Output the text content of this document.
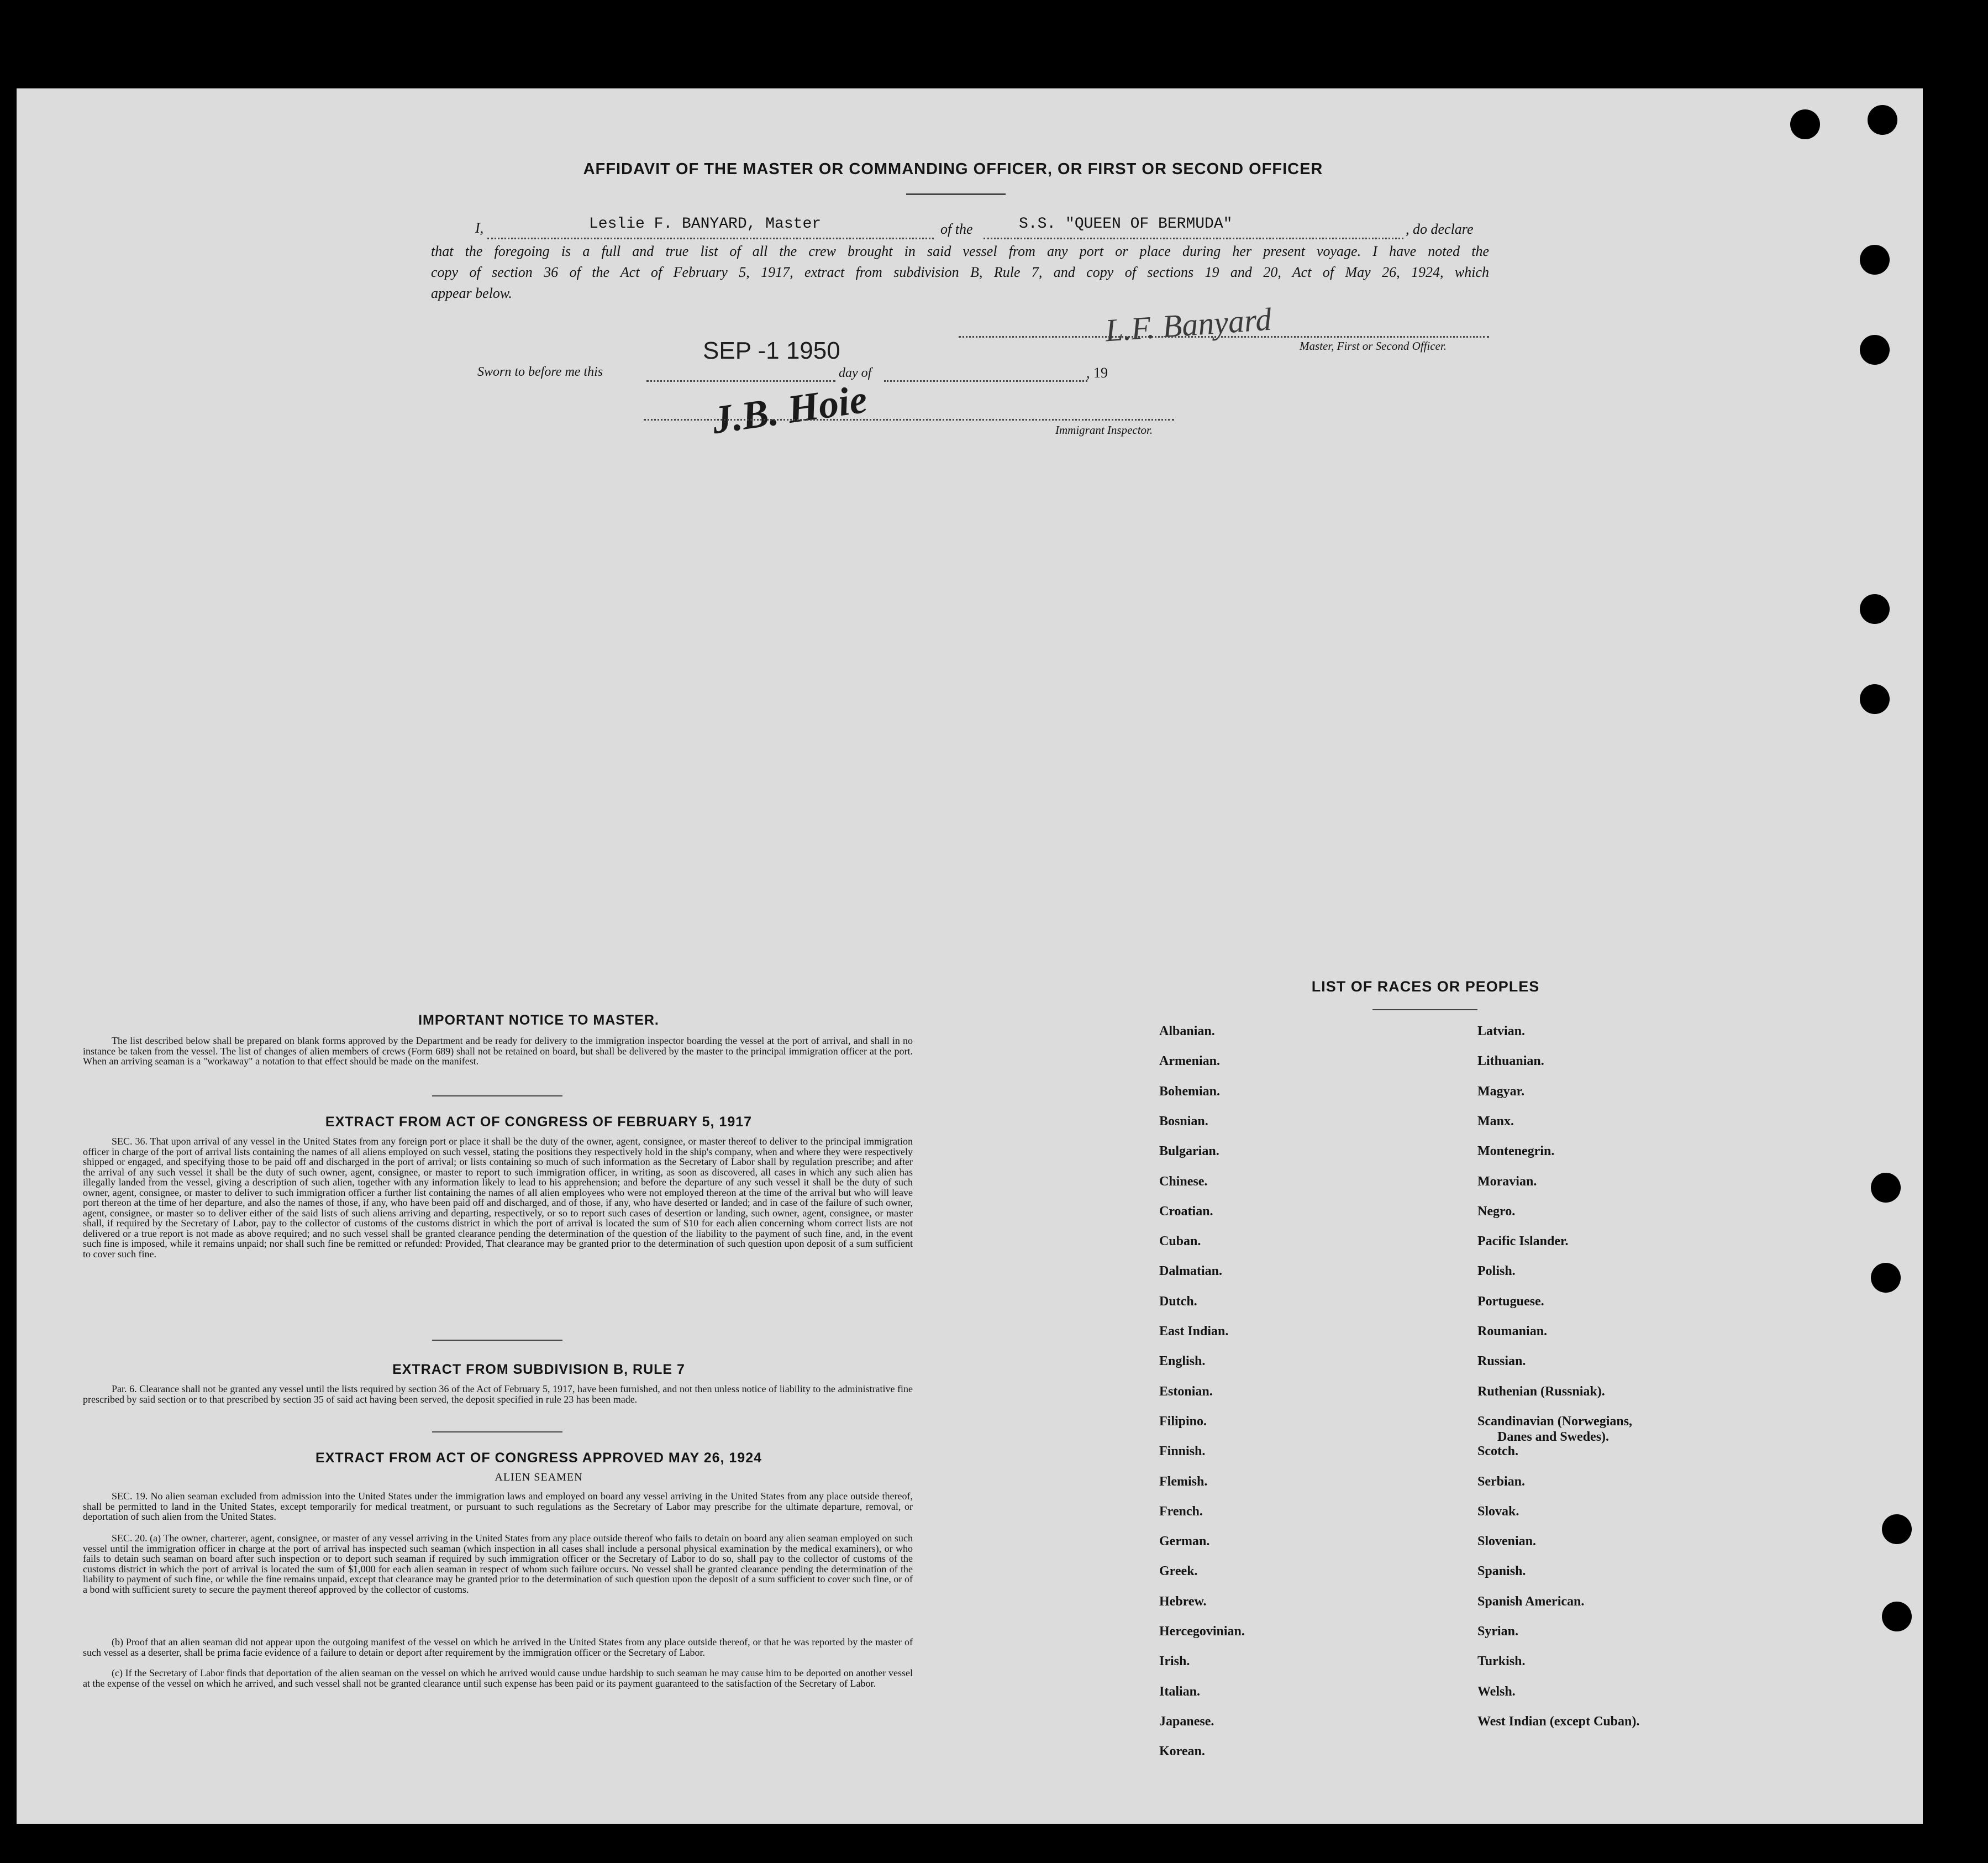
AFFIDAVIT OF THE MASTER OR COMMANDING OFFICER, OR FIRST OR SECOND OFFICER
I,	Leslie F. BANYARD, Master	of the	S.S. "QUEEN OF BERMUDA"	, do declare
that the foregoing is a full and true list of all the crew brought in said vessel from any port or place during her present voyage. I have noted the
copy of section 36 of the Act of February 5, 1917, extract from subdivision B, Rule 7, and copy of sections 19 and 20, Act of May 26, 1924, which
appear below.
L.F. Banyard Master, First or Second Officer.
Sworn to before me this
SEP -1 1950
day of	, 19
J.B. Hoie	Immigrant Inspector.
IMPORTANT NOTICE TO MASTER.
The list described below shall be prepared on blank forms approved by the Department and be ready for delivery to the immigration inspector boarding the vessel at the port of arrival, and shall in no instance be taken from the vessel. The list of changes of alien members of crews (Form 689) shall not be retained on board, but shall be delivered by the master to the principal immigration officer at the port. When an arriving seaman is a "workaway" a notation to that effect should be made on the manifest.
EXTRACT FROM ACT OF CONGRESS OF FEBRUARY 5, 1917
SEC. 36. That upon arrival of any vessel in the United States from any foreign port or place it shall be the duty of the owner, agent, consignee, or master thereof to deliver to the principal immigration officer in charge of the port of arrival lists containing the names of all aliens employed on such vessel, stating the positions they respectively hold in the ship's company, when and where they were respectively shipped or engaged, and specifying those to be paid off and discharged in the port of arrival; or lists containing so much of such information as the Secretary of Labor shall by regulation prescribe; and after the arrival of any such vessel it shall be the duty of such owner, agent, consignee, or master to report to such immigration officer, in writing, as soon as discovered, all cases in which any such alien has illegally landed from the vessel, giving a description of such alien, together with any information likely to lead to his apprehension; and before the departure of any such vessel it shall be the duty of such owner, agent, consignee, or master to deliver to such immigration officer a further list containing the names of all alien employees who were not employed thereon at the time of the arrival but who will leave port thereon at the time of her departure, and also the names of those, if any, who have been paid off and discharged, and of those, if any, who have deserted or landed; and in case of the failure of such owner, agent, consignee, or master so to deliver either of the said lists of such aliens arriving and departing, respectively, or so to report such cases of desertion or landing, such owner, agent, consignee, or master shall, if required by the Secretary of Labor, pay to the collector of customs of the customs district in which the port of arrival is located the sum of $10 for each alien concerning whom correct lists are not delivered or a true report is not made as above required; and no such vessel shall be granted clearance pending the determination of the question of the liability to the payment of such fine, and, in the event such fine is imposed, while it remains unpaid; nor shall such fine be remitted or refunded: Provided, That clearance may be granted prior to the determination of such question upon deposit of a sum sufficient to cover such fine.
EXTRACT FROM SUBDIVISION B, RULE 7
Par. 6. Clearance shall not be granted any vessel until the lists required by section 36 of the Act of February 5, 1917, have been furnished, and not then unless notice of liability to the administrative fine prescribed by said section or to that prescribed by section 35 of said act having been served, the deposit specified in rule 23 has been made.
EXTRACT FROM ACT OF CONGRESS APPROVED MAY 26, 1924
ALIEN SEAMEN
SEC. 19. No alien seaman excluded from admission into the United States under the immigration laws and employed on board any vessel arriving in the United States from any place outside thereof, shall be permitted to land in the United States, except temporarily for medical treatment, or pursuant to such regulations as the Secretary of Labor may prescribe for the ultimate departure, removal, or deportation of such alien from the United States.
SEC. 20. (a) The owner, charterer, agent, consignee, or master of any vessel arriving in the United States from any place outside thereof who fails to detain on board any alien seaman employed on such vessel until the immigration officer in charge at the port of arrival has inspected such seaman (which inspection in all cases shall include a personal physical examination by the medical examiners), or who fails to detain such seaman on board after such inspection or to deport such seaman if required by such immigration officer or the Secretary of Labor to do so, shall pay to the collector of customs of the customs district in which the port of arrival is located the sum of $1,000 for each alien seaman in respect of whom such failure occurs. No vessel shall be granted clearance pending the determination of the liability to payment of such fine, or while the fine remains unpaid, except that clearance may be granted prior to the determination of such question upon the deposit of a sum sufficient to cover such fine, or of a bond with sufficient surety to secure the payment thereof approved by the collector of customs.
(b) Proof that an alien seaman did not appear upon the outgoing manifest of the vessel on which he arrived in the United States from any place outside thereof, or that he was reported by the master of such vessel as a deserter, shall be prima facie evidence of a failure to detain or deport after requirement by the immigration officer or the Secretary of Labor.
(c) If the Secretary of Labor finds that deportation of the alien seaman on the vessel on which he arrived would cause undue hardship to such seaman he may cause him to be deported on another vessel at the expense of the vessel on which he arrived, and such vessel shall not be granted clearance until such expense has been paid or its payment guaranteed to the satisfaction of the Secretary of Labor.
LIST OF RACES OR PEOPLES
Albanian.
Armenian.
Bohemian.
Bosnian.
Bulgarian.
Chinese.
Croatian.
Cuban.
Dalmatian.
Dutch.
East Indian.
English.
Estonian.
Filipino.
Finnish.
Flemish.
French.
German.
Greek.
Hebrew.
Hercegovinian.
Irish.
Italian.
Japanese.
Korean.
Latvian.
Lithuanian.
Magyar.
Manx.
Montenegrin.
Moravian.
Negro.
Pacific Islander.
Polish.
Portuguese.
Roumanian.
Russian.
Ruthenian (Russniak).
Scandinavian (Norwegians,
Danes and Swedes).
Scotch.
Serbian.
Slovak.
Slovenian.
Spanish.
Spanish American.
Syrian.
Turkish.
Welsh.
West Indian (except Cuban).
